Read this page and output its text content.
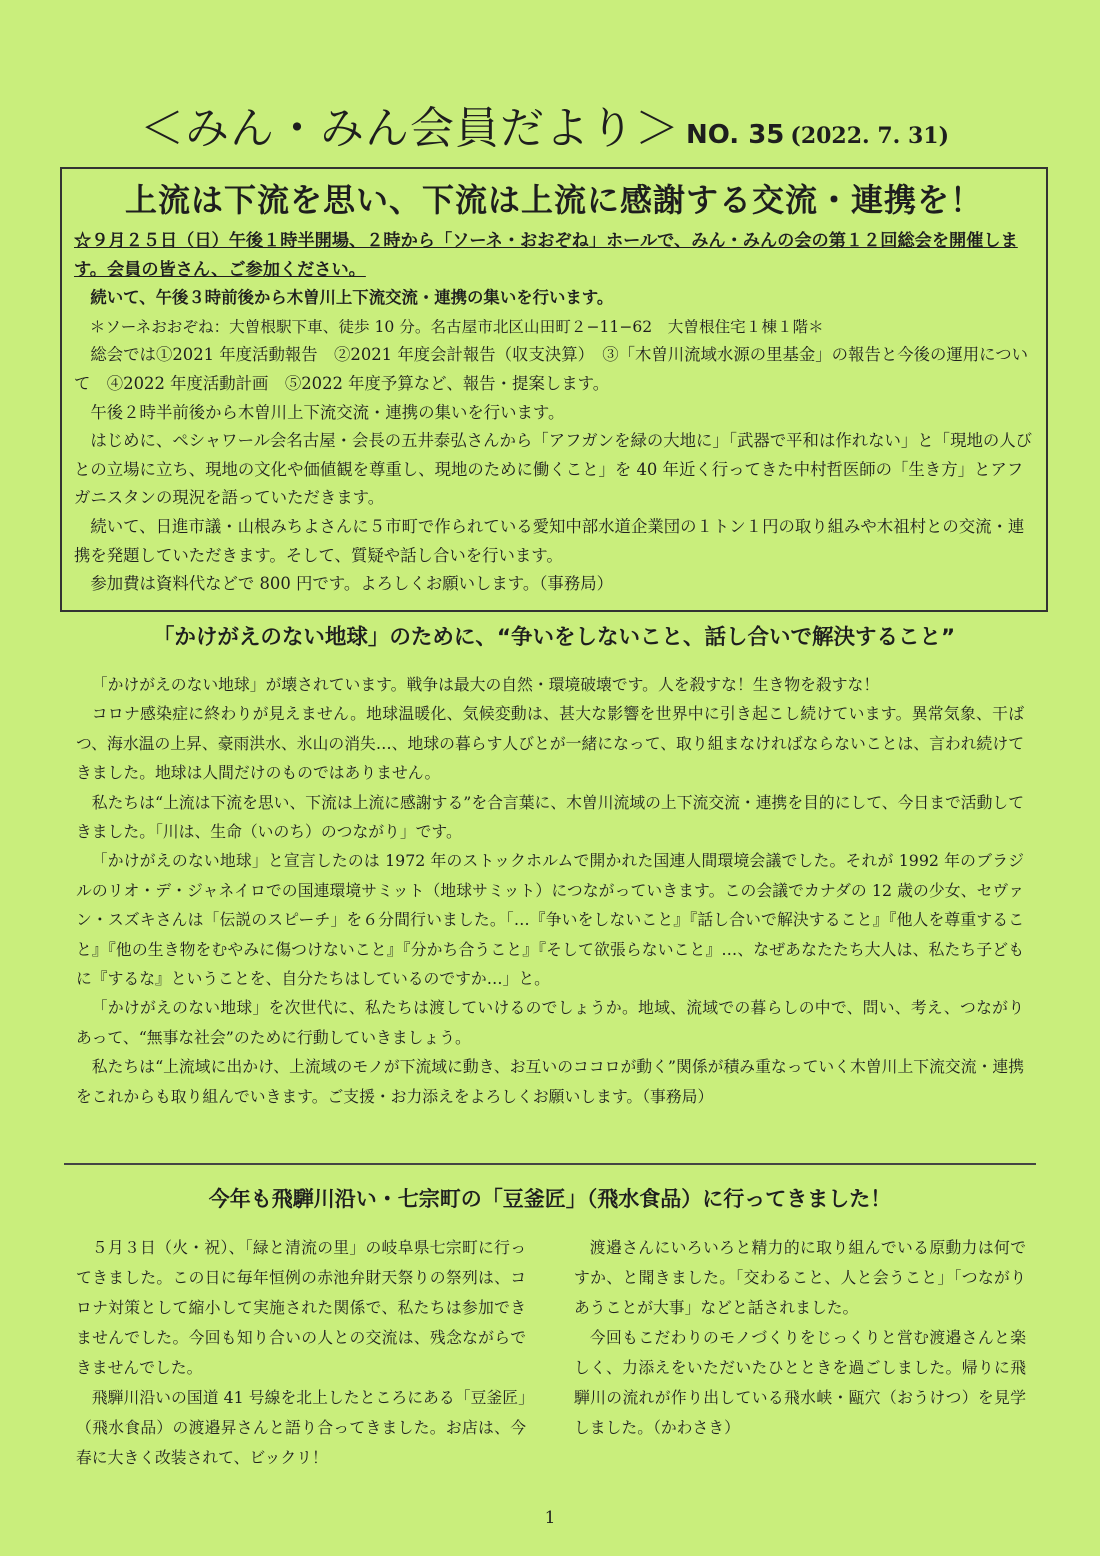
＜みん・みん会員だより＞ NO. 35 (2022. 7. 31)
上流は下流を思い、下流は上流に感謝する交流・連携を！

☆９月２５日（日）午後１時半開場、２時から「ソーネ・おおぞね」ホールで、みん・みんの会の第１２回総会を開催します。会員の皆さん、ご参加ください。

続いて、午後３時前後から木曽川上下流交流・連携の集いを行います。

＊ソーネおおぞね：大曽根駅下車、徒歩 10 分。名古屋市北区山田町２−11−62　大曽根住宅１棟１階＊

総会では①2021 年度活動報告　②2021 年度会計報告（収支決算）　③「木曽川流域水源の里基金」の報告と今後の運用について　④2022 年度活動計画　⑤2022 年度予算など、報告・提案します。

午後２時半前後から木曽川上下流交流・連携の集いを行います。

はじめに、ペシャワール会名古屋・会長の五井泰弘さんから「アフガンを緑の大地に」「武器で平和は作れない」と「現地の人びとの立場に立ち、現地の文化や価値観を尊重し、現地のために働くこと」を 40 年近く行ってきた中村哲医師の「生き方」とアフガニスタンの現況を語っていただきます。

続いて、日進市議・山根みちよさんに５市町で作られている愛知中部水道企業団の１トン１円の取り組みや木祖村との交流・連携を発題していただきます。そして、質疑や話し合いを行います。

参加費は資料代などで 800 円です。よろしくお願いします。（事務局）

「かけがえのない地球」のために、“争いをしないこと、話し合いで解決すること”

「かけがえのない地球」が壊されています。戦争は最大の自然・環境破壊です。人を殺すな！生き物を殺すな！

コロナ感染症に終わりが見えません。地球温暖化、気候変動は、甚大な影響を世界中に引き起こし続けています。異常気象、干ばつ、海水温の上昇、豪雨洪水、氷山の消失…、地球の暮らす人びとが一緒になって、取り組まなければならないことは、言われ続けてきました。地球は人間だけのものではありません。

私たちは“上流は下流を思い、下流は上流に感謝する”を合言葉に、木曽川流域の上下流交流・連携を目的にして、今日まで活動してきました。「川は、生命（いのち）のつながり」です。

「かけがえのない地球」と宣言したのは 1972 年のストックホルムで開かれた国連人間環境会議でした。それが 1992 年のブラジルのリオ・デ・ジャネイロでの国連環境サミット（地球サミット）につながっていきます。この会議でカナダの 12 歳の少女、セヴァン・スズキさんは「伝説のスピーチ」を６分間行いました。「…『争いをしないこと』『話し合いで解決すること』『他人を尊重すること』『他の生き物をむやみに傷つけないこと』『分かち合うこと』『そして欲張らないこと』…、なぜあなたたち大人は、私たち子どもに『するな』ということを、自分たちはしているのですか…」と。

「かけがえのない地球」を次世代に、私たちは渡していけるのでしょうか。地域、流域での暮らしの中で、問い、考え、つながりあって、“無事な社会”のために行動していきましょう。

私たちは“上流域に出かけ、上流域のモノが下流域に動き、お互いのココロが動く”関係が積み重なっていく木曽川上下流交流・連携をこれからも取り組んでいきます。ご支援・お力添えをよろしくお願いします。（事務局）

今年も飛騨川沿い・七宗町の「豆釜匠」（飛水食品）に行ってきました！

５月３日（火・祝）、「緑と清流の里」の岐阜県七宗町に行ってきました。この日に毎年恒例の赤池弁財天祭りの祭列は、コロナ対策として縮小して実施された関係で、私たちは参加できませんでした。今回も知り合いの人との交流は、残念ながらできませんでした。

飛騨川沿いの国道 41 号線を北上したところにある「豆釜匠」（飛水食品）の渡邉昇さんと語り合ってきました。お店は、今春に大きく改装されて、ビックリ！

渡邉さんにいろいろと精力的に取り組んでいる原動力は何ですか、と聞きました。「交わること、人と会うこと」「つながりあうことが大事」などと話されました。

今回もこだわりのモノづくりをじっくりと営む渡邉さんと楽しく、力添えをいただいたひとときを過ごしました。帰りに飛騨川の流れが作り出している飛水峡・甌穴（おうけつ）を見学しました。（かわさき）

1
